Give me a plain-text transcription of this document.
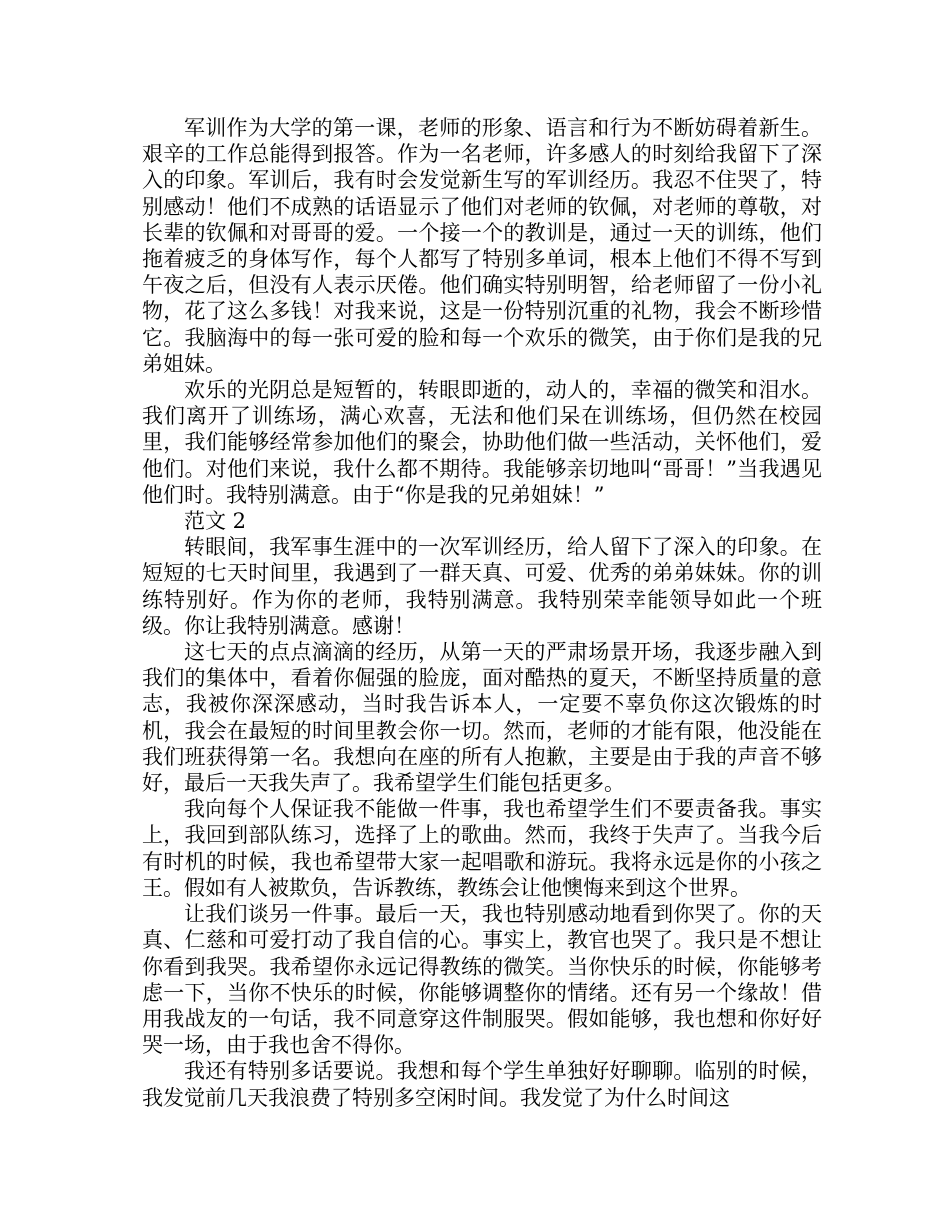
军训作为大学的第一课，老师的形象、语言和行为不断妨碍着新生。艰辛的工作总能得到报答。作为一名老师，许多感人的时刻给我留下了深入的印象。军训后，我有时会发觉新生写的军训经历。我忍不住哭了，特别感动！他们不成熟的话语显示了他们对老师的钦佩，对老师的尊敬，对长辈的钦佩和对哥哥的爱。一个接一个的教训是，通过一天的训练，他们拖着疲乏的身体写作，每个人都写了特别多单词，根本上他们不得不写到午夜之后，但没有人表示厌倦。他们确实特别明智，给老师留了一份小礼物，花了这么多钱！对我来说，这是一份特别沉重的礼物，我会不断珍惜它。我脑海中的每一张可爱的脸和每一个欢乐的微笑，由于你们是我的兄弟姐妹。

欢乐的光阴总是短暂的，转眼即逝的，动人的，幸福的微笑和泪水。我们离开了训练场，满心欢喜，无法和他们呆在训练场，但仍然在校园里，我们能够经常参加他们的聚会，协助他们做一些活动，关怀他们，爱他们。对他们来说，我什么都不期待。我能够亲切地叫“哥哥！”当我遇见他们时。我特别满意。由于“你是我的兄弟姐妹！”

范文 2

转眼间，我军事生涯中的一次军训经历，给人留下了深入的印象。在短短的七天时间里，我遇到了一群天真、可爱、优秀的弟弟妹妹。你的训练特别好。作为你的老师，我特别满意。我特别荣幸能领导如此一个班级。你让我特别满意。感谢！

这七天的点点滴滴的经历，从第一天的严肃场景开场，我逐步融入到我们的集体中，看着你倔强的脸庞，面对酷热的夏天，不断坚持质量的意志，我被你深深感动，当时我告诉本人，一定要不辜负你这次锻炼的时机，我会在最短的时间里教会你一切。然而，老师的才能有限，他没能在我们班获得第一名。我想向在座的所有人抱歉，主要是由于我的声音不够好，最后一天我失声了。我希望学生们能包括更多。

我向每个人保证我不能做一件事，我也希望学生们不要责备我。事实上，我回到部队练习，选择了上的歌曲。然而，我终于失声了。当我今后有时机的时候，我也希望带大家一起唱歌和游玩。我将永远是你的小孩之王。假如有人被欺负，告诉教练，教练会让他懊悔来到这个世界。

让我们谈另一件事。最后一天，我也特别感动地看到你哭了。你的天真、仁慈和可爱打动了我自信的心。事实上，教官也哭了。我只是不想让你看到我哭。我希望你永远记得教练的微笑。当你快乐的时候，你能够考虑一下，当你不快乐的时候，你能够调整你的情绪。还有另一个缘故！借用我战友的一句话，我不同意穿这件制服哭。假如能够，我也想和你好好哭一场，由于我也舍不得你。

我还有特别多话要说。我想和每个学生单独好好聊聊。临别的时候，我发觉前几天我浪费了特别多空闲时间。我发觉了为什么时间这
